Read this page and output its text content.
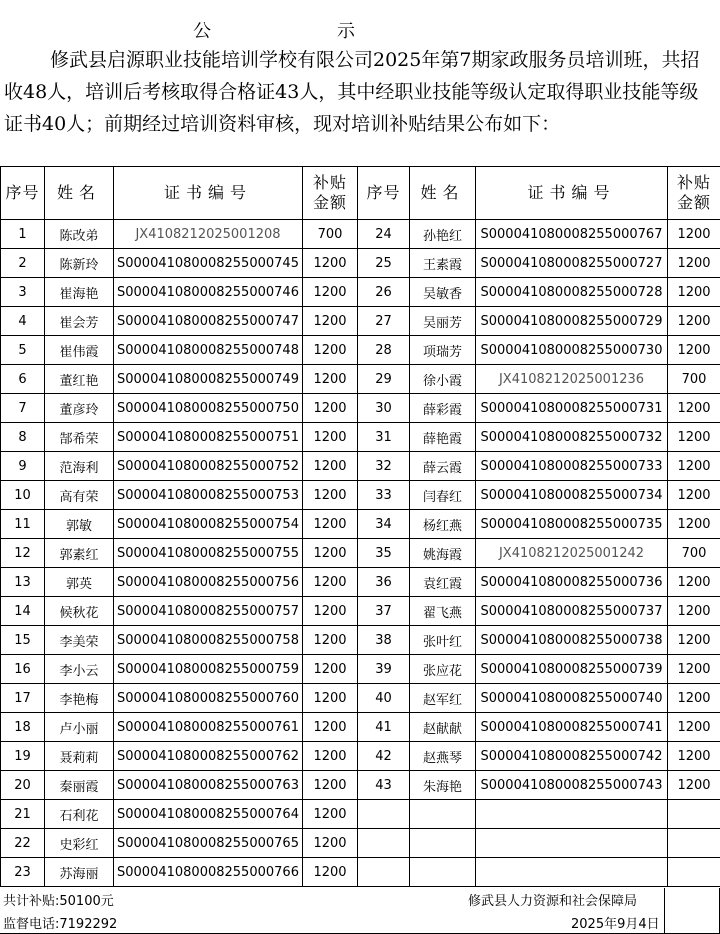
公	示

修武县启源职业技能培训学校有限公司2025年第7期家政服务员培训班，共招收48人，培训后考核取得合格证43人，其中经职业技能等级认定取得职业技能等级证书40人；前期经过培训资料审核，现对培训补贴结果公布如下：

序号	姓名	证书编号	补贴金额	序号	姓名	证书编号	补贴金额
1	陈改弟	JX4108212025001208	700	24	孙艳红	S000041080008255000767	1200
2	陈新玲	S000041080008255000745	1200	25	王素霞	S000041080008255000727	1200
3	崔海艳	S000041080008255000746	1200	26	吴敏香	S000041080008255000728	1200
4	崔会芳	S000041080008255000747	1200	27	吴丽芳	S000041080008255000729	1200
5	崔伟霞	S000041080008255000748	1200	28	项瑞芳	S000041080008255000730	1200
6	董红艳	S000041080008255000749	1200	29	徐小霞	JX4108212025001236	700
7	董彦玲	S000041080008255000750	1200	30	薛彩霞	S000041080008255000731	1200
8	郜希荣	S000041080008255000751	1200	31	薛艳霞	S000041080008255000732	1200
9	范海利	S000041080008255000752	1200	32	薛云霞	S000041080008255000733	1200
10	高有荣	S000041080008255000753	1200	33	闫春红	S000041080008255000734	1200
11	郭敏	S000041080008255000754	1200	34	杨红燕	S000041080008255000735	1200
12	郭素红	S000041080008255000755	1200	35	姚海霞	JX4108212025001242	700
13	郭英	S000041080008255000756	1200	36	袁红霞	S000041080008255000736	1200
14	候秋花	S000041080008255000757	1200	37	翟飞燕	S000041080008255000737	1200
15	李美荣	S000041080008255000758	1200	38	张叶红	S000041080008255000738	1200
16	李小云	S000041080008255000759	1200	39	张应花	S000041080008255000739	1200
17	李艳梅	S000041080008255000760	1200	40	赵军红	S000041080008255000740	1200
18	卢小丽	S000041080008255000761	1200	41	赵献献	S000041080008255000741	1200
19	聂莉莉	S000041080008255000762	1200	42	赵燕琴	S000041080008255000742	1200
20	秦丽霞	S000041080008255000763	1200	43	朱海艳	S000041080008255000743	1200
21	石利花	S000041080008255000764	1200				
22	史彩红	S000041080008255000765	1200				
23	苏海丽	S000041080008255000766	1200				
共计补贴:50100元	修武县人力资源和社会保障局
监督电话:7192292	2025年9月4日
